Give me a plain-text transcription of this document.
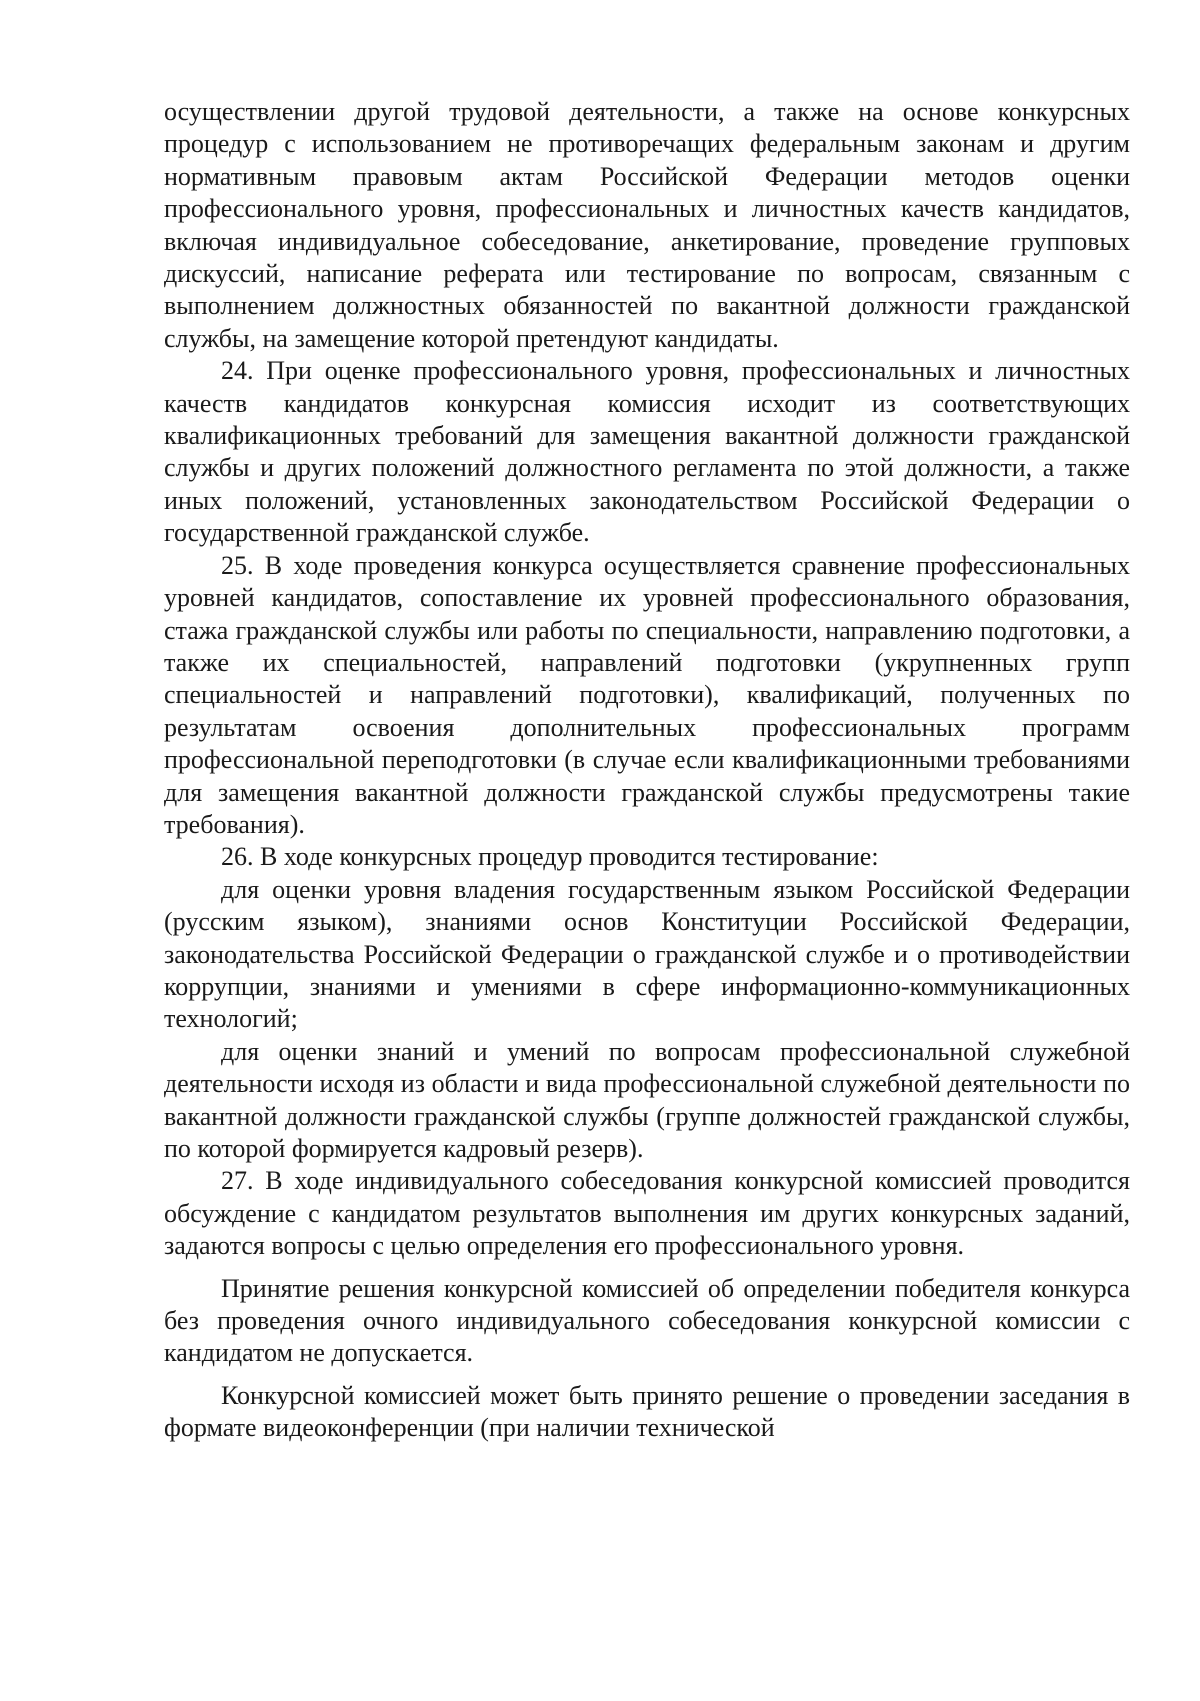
осуществлении другой трудовой деятельности, а также на основе конкурсных процедур с использованием не противоречащих федеральным законам и другим нормативным правовым актам Российской Федерации методов оценки профессионального уровня, профессиональных и личностных качеств кандидатов, включая индивидуальное собеседование, анкетирование, проведение групповых дискуссий, написание реферата или тестирование по вопросам, связанным с выполнением должностных обязанностей по вакантной должности гражданской службы, на замещение которой претендуют кандидаты.

24. При оценке профессионального уровня, профессиональных и личностных качеств кандидатов конкурсная комиссия исходит из соответствующих квалификационных требований для замещения вакантной должности гражданской службы и других положений должностного регламента по этой должности, а также иных положений, установленных законодательством Российской Федерации о государственной гражданской службе.

25. В ходе проведения конкурса осуществляется сравнение профессиональных уровней кандидатов, сопоставление их уровней профессионального образования, стажа гражданской службы или работы по специальности, направлению подготовки, а также их специальностей, направлений подготовки (укрупненных групп специальностей и направлений подготовки), квалификаций, полученных по результатам освоения дополнительных профессиональных программ профессиональной переподготовки (в случае если квалификационными требованиями для замещения вакантной должности гражданской службы предусмотрены такие требования).

26. В ходе конкурсных процедур проводится тестирование:

для оценки уровня владения государственным языком Российской Федерации (русским языком), знаниями основ Конституции Российской Федерации, законодательства Российской Федерации о гражданской службе и о противодействии коррупции, знаниями и умениями в сфере информационно-коммуникационных технологий;

для оценки знаний и умений по вопросам профессиональной служебной деятельности исходя из области и вида профессиональной служебной деятельности по вакантной должности гражданской службы (группе должностей гражданской службы, по которой формируется кадровый резерв).

27. В ходе индивидуального собеседования конкурсной комиссией проводится обсуждение с кандидатом результатов выполнения им других конкурсных заданий, задаются вопросы с целью определения его профессионального уровня.

Принятие решения конкурсной комиссией об определении победителя конкурса без проведения очного индивидуального собеседования конкурсной комиссии с кандидатом не допускается.

Конкурсной комиссией может быть принято решение о проведении заседания в формате видеоконференции (при наличии технической
